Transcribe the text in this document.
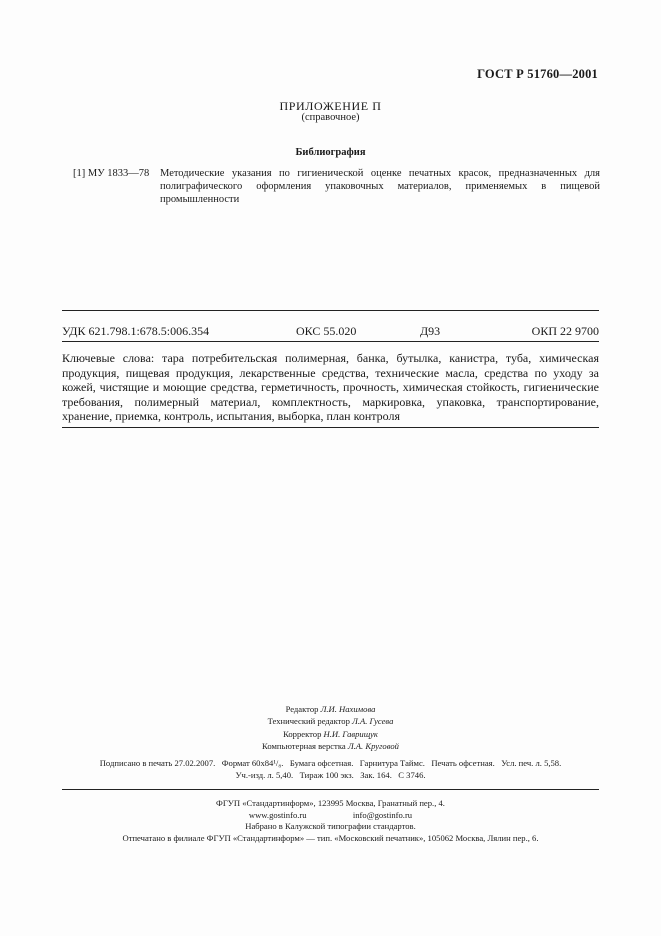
ГОСТ Р 51760—2001
ПРИЛОЖЕНИЕ П
(справочное)
Библиография
[1] МУ 1833—78	Методические указания по гигиенической оценке печатных красок, предназначенных для полиграфического оформления упаковочных материалов, применяемых в пищевой промышленности
УДК 621.798.1:678.5:006.354	ОКС 55.020	Д93	ОКП 22 9700
Ключевые слова: тара потребительская полимерная, банка, бутылка, канистра, туба, химическая продукция, пищевая продукция, лекарственные средства, технические масла, средства по уходу за кожей, чистящие и моющие средства, герметичность, прочность, химическая стойкость, гигиенические требования, полимерный материал, комплектность, маркировка, упаковка, транспортирование, хранение, приемка, контроль, испытания, выборка, план контроля
Редактор Л.И. Нахимова
Технический редактор Л.А. Гусева
Корректор Н.И. Гаврищук
Компьютерная верстка Л.А. Круговой
Подписано в печать 27.02.2007.   Формат 60х84¹/₈.   Бумага офсетная.   Гарнитура Таймс.   Печать офсетная.   Усл. печ. л. 5,58.
Уч.-изд. л. 5,40.   Тираж 100 экз.   Зак. 164.   С 3746.
ФГУП «Стандартинформ», 123995 Москва, Гранатный пер., 4.
www.gostinfo.ru	info@gostinfo.ru
Набрано в Калужской типографии стандартов.
Отпечатано в филиале ФГУП «Стандартинформ» — тип. «Московский печатник», 105062 Москва, Лялин пер., 6.
